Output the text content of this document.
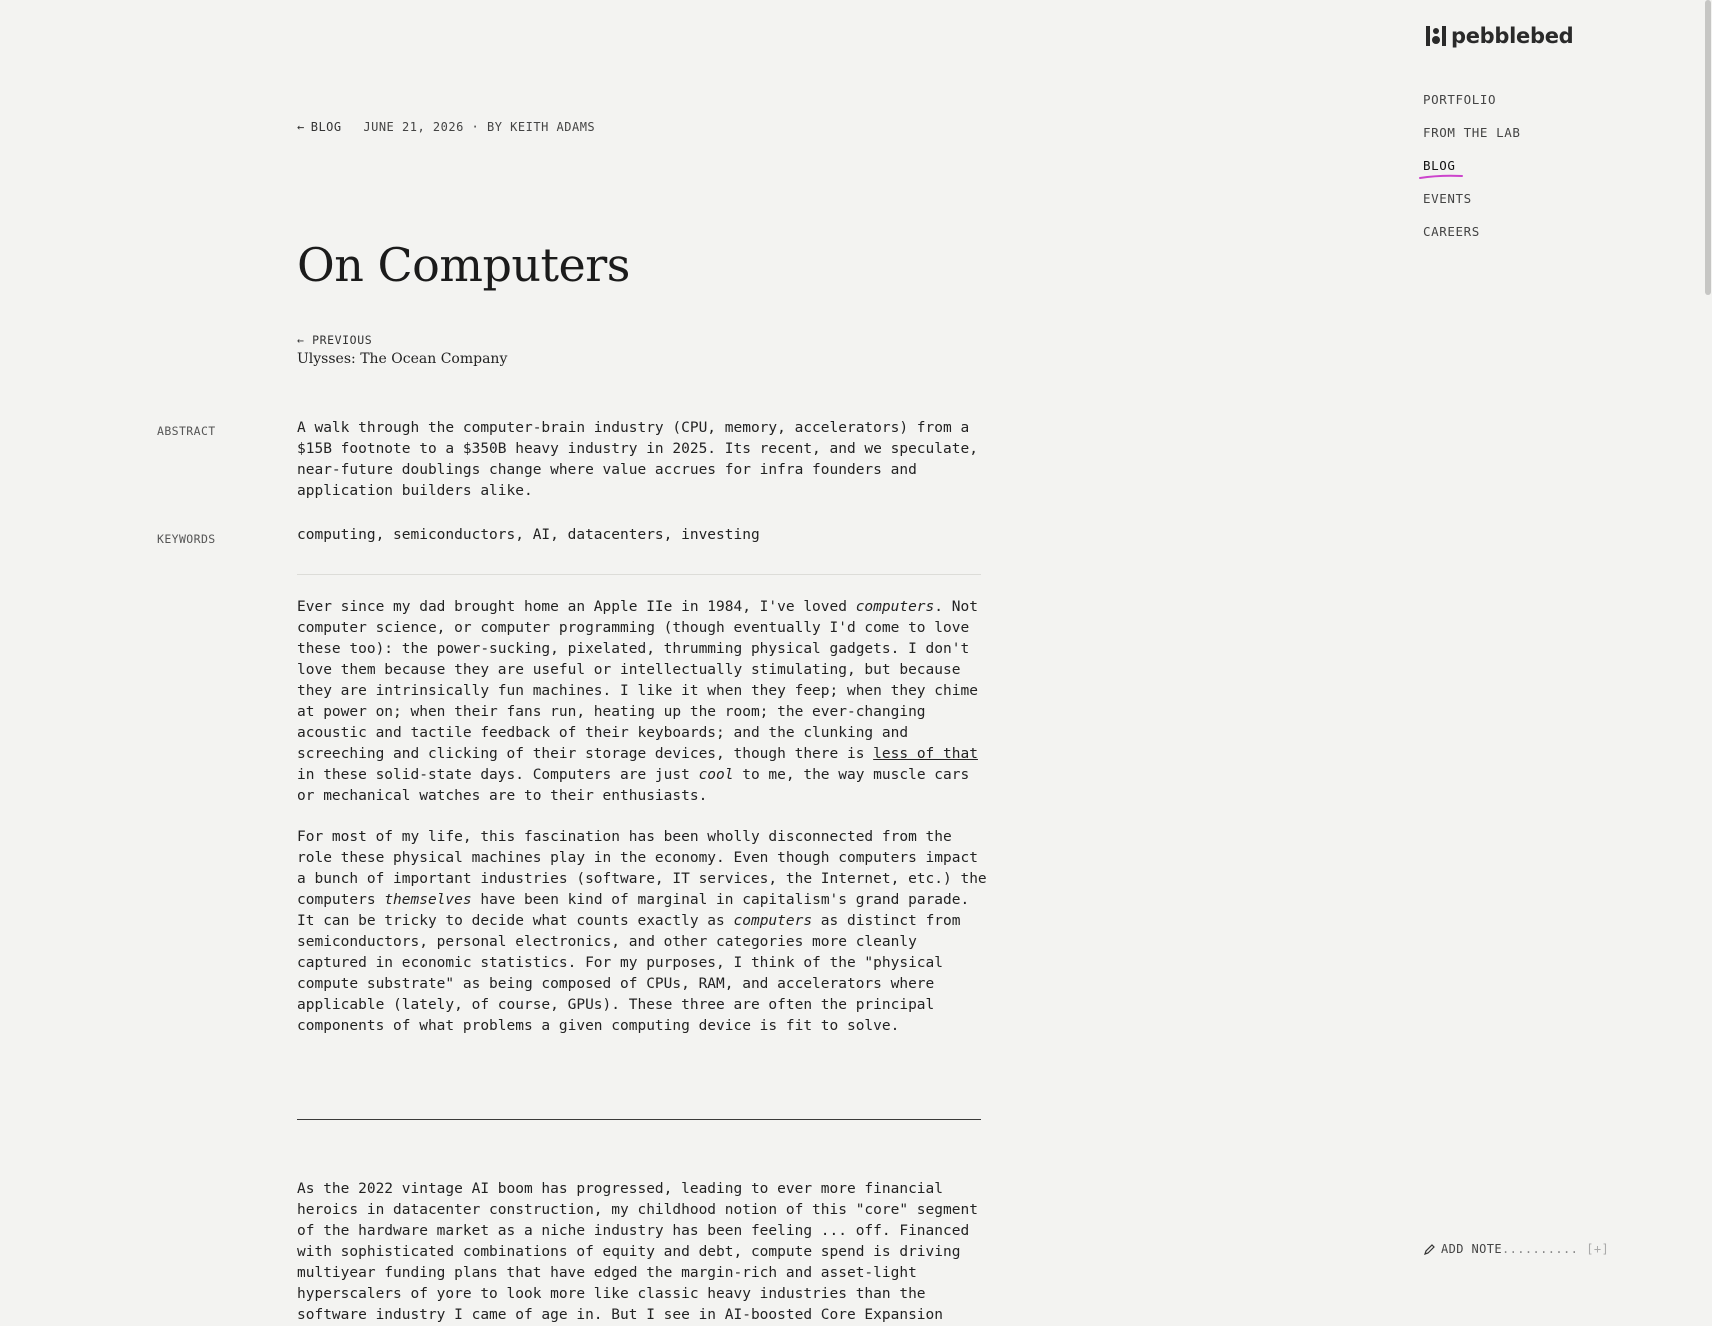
← BLOG JUNE 21, 2026 · BY KEITH ADAMS
On Computers
← PREVIOUS
Ulysses: The Ocean Company
ABSTRACT	A walk through the computer-brain industry (CPU, memory, accelerators) from a $15B footnote to a $350B heavy industry in 2025. Its recent, and we speculate, near-future doublings change where value accrues for infra founders and application builders alike.

KEYWORDS	computing, semiconductors, AI, datacenters, investing

Ever since my dad brought home an Apple IIe in 1984, I've loved computers. Not computer science, or computer programming (though eventually I'd come to love these too): the power-sucking, pixelated, thrumming physical gadgets. I don't love them because they are useful or intellectually stimulating, but because they are intrinsically fun machines. I like it when they feep; when they chime at power on; when their fans run, heating up the room; the ever-changing acoustic and tactile feedback of their keyboards; and the clunking and screeching and clicking of their storage devices, though there is less of that in these solid-state days. Computers are just cool to me, the way muscle cars or mechanical watches are to their enthusiasts.

For most of my life, this fascination has been wholly disconnected from the role these physical machines play in the economy. Even though computers impact a bunch of important industries (software, IT services, the Internet, etc.) the computers themselves have been kind of marginal in capitalism's grand parade. It can be tricky to decide what counts exactly as computers as distinct from semiconductors, personal electronics, and other categories more cleanly captured in economic statistics. For my purposes, I think of the "physical compute substrate" as being composed of CPUs, RAM, and accelerators where applicable (lately, of course, GPUs). These three are often the principal components of what problems a given computing device is fit to solve.

As the 2022 vintage AI boom has progressed, leading to ever more financial heroics in datacenter construction, my childhood notion of this "core" segment of the hardware market as a niche industry has been feeling ... off. Financed with sophisticated combinations of equity and debt, compute spend is driving multiyear funding plans that have edged the margin-rich and asset-light hyperscalers of yore to look more like classic heavy industries than the software industry I came of age in. But I see in AI-boosted Core Expansion

pebblebed
PORTFOLIO
FROM THE LAB
BLOG
EVENTS
CAREERS
ADD NOTE .......... [+]
